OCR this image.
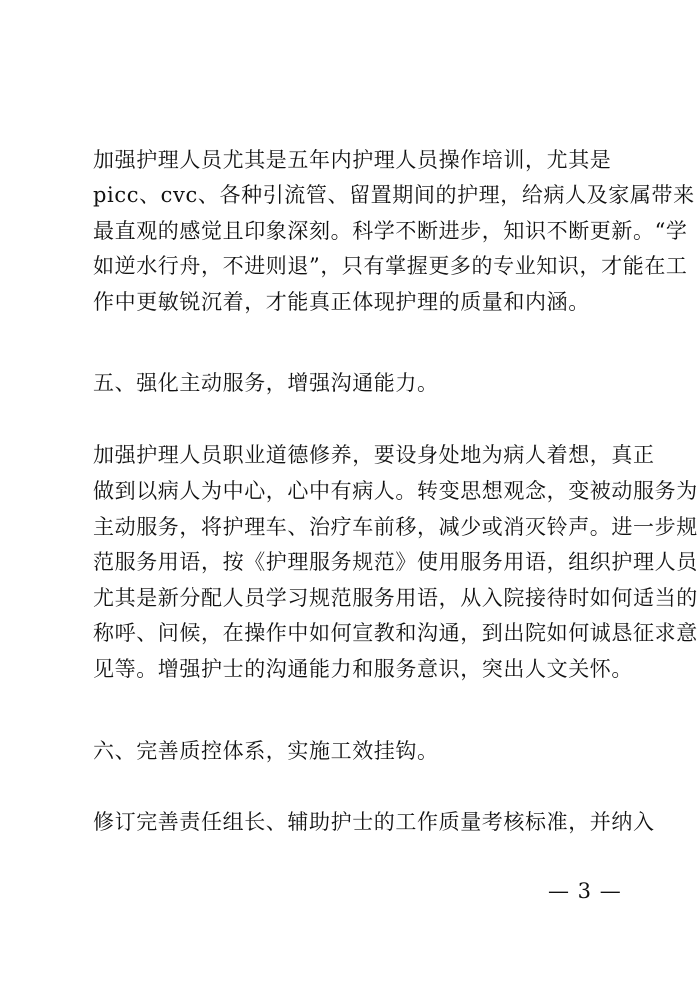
加强护理人员尤其是五年内护理人员操作培训，尤其是
picc、cvc、各种引流管、留置期间的护理，给病人及家属带来
最直观的感觉且印象深刻。科学不断进步，知识不断更新。“学
如逆水行舟，不进则退”，只有掌握更多的专业知识，才能在工
作中更敏锐沉着，才能真正体现护理的质量和内涵。
五、强化主动服务，增强沟通能力。
加强护理人员职业道德修养，要设身处地为病人着想，真正
做到以病人为中心，心中有病人。转变思想观念，变被动服务为
主动服务，将护理车、治疗车前移，减少或消灭铃声。进一步规
范服务用语，按《护理服务规范》使用服务用语，组织护理人员
尤其是新分配人员学习规范服务用语，从入院接待时如何适当的
称呼、问候，在操作中如何宣教和沟通，到出院如何诚恳征求意
见等。增强护士的沟通能力和服务意识，突出人文关怀。
六、完善质控体系，实施工效挂钩。
修订完善责任组长、辅助护士的工作质量考核标准，并纳入
— 3 —
